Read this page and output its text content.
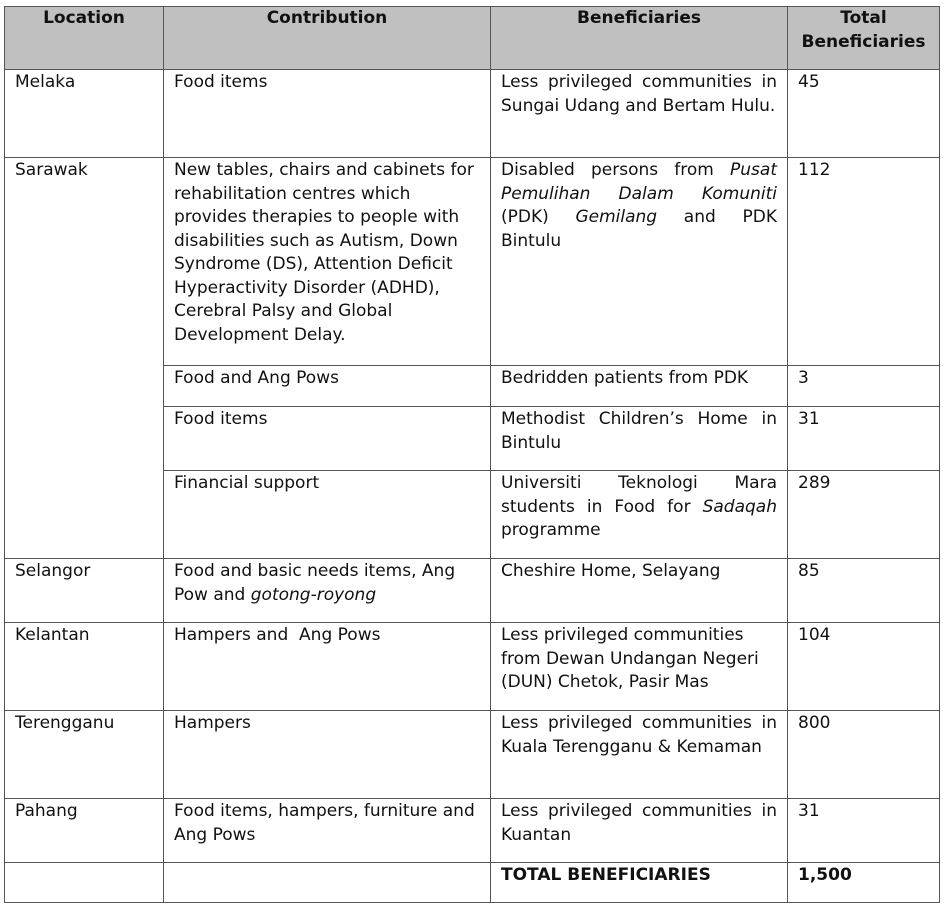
Location	Contribution	Beneficiaries	Total Beneficiaries
Melaka	Food items	Less privileged communities in Sungai Udang and Bertam Hulu.	45
Sarawak	New tables, chairs and cabinets for rehabilitation centres which provides therapies to people with disabilities such as Autism, Down Syndrome (DS), Attention Deficit Hyperactivity Disorder (ADHD), Cerebral Palsy and Global Development Delay.	Disabled persons from Pusat Pemulihan Dalam Komuniti (PDK) Gemilang and PDK Bintulu	112
	Food and Ang Pows	Bedridden patients from PDK	3
	Food items	Methodist Children’s Home in Bintulu	31
	Financial support	Universiti Teknologi Mara students in Food for Sadaqah programme	289
Selangor	Food and basic needs items, Ang Pow and gotong-royong	Cheshire Home, Selayang	85
Kelantan	Hampers and  Ang Pows	Less privileged communities from Dewan Undangan Negeri (DUN) Chetok, Pasir Mas	104
Terengganu	Hampers	Less privileged communities in Kuala Terengganu & Kemaman	800
Pahang	Food items, hampers, furniture and Ang Pows	Less privileged communities in Kuantan	31
		TOTAL BENEFICIARIES	1,500
